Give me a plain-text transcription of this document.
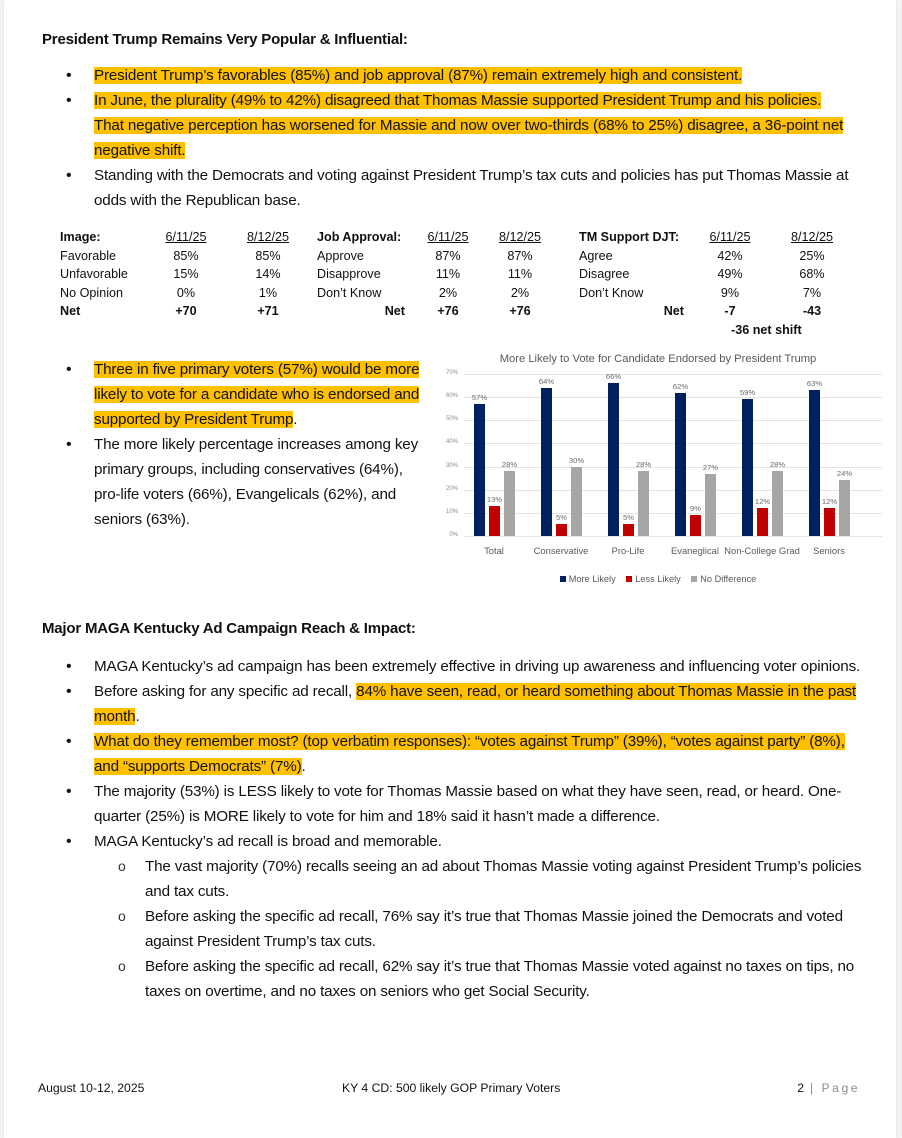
President Trump Remains Very Popular & Influential:
• President Trump’s favorables (85%) and job approval (87%) remain extremely high and consistent.
• In June, the plurality (49% to 42%) disagreed that Thomas Massie supported President Trump and his policies. That negative perception has worsened for Massie and now over two-thirds (68% to 25%) disagree, a 36-point net negative shift.
• Standing with the Democrats and voting against President Trump’s tax cuts and policies has put Thomas Massie at odds with the Republican base.
Image:	6/11/25	8/12/25
Favorable	85%	85%
Unfavorable	15%	14%
No Opinion	0%	1%
Net	+70	+71
Job Approval:	6/11/25	8/12/25
Approve	87%	87%
Disapprove	11%	11%
Don’t Know	2%	2%
Net	+76	+76
TM Support DJT:	6/11/25	8/12/25
Agree	42%	25%
Disagree	49%	68%
Don’t Know	9%	7%
Net	-7	-43
-36 net shift
• Three in five primary voters (57%) would be more likely to vote for a candidate who is endorsed and supported by President Trump.
• The more likely percentage increases among key primary groups, including conservatives (64%), pro-life voters (66%), Evangelicals (62%), and seniors (63%).
More Likely to Vote for Candidate Endorsed by President Trump
0%
10%
20%
30%
40%
50%
60%
70%
57%
13%
28%
Total
64%
5%
30%
Conservative
66%
5%
28%
Pro-Life
62%
9%
27%
Evaneglical
59%
12%
28%
Non-College Grad
63%
12%
24%
Seniors
More Likely Less Likely No Difference
Major MAGA Kentucky Ad Campaign Reach & Impact:
• MAGA Kentucky’s ad campaign has been extremely effective in driving up awareness and influencing voter opinions.
• Before asking for any specific ad recall, 84% have seen, read, or heard something about Thomas Massie in the past month.
• What do they remember most? (top verbatim responses): “votes against Trump” (39%), “votes against party” (8%), and “supports Democrats” (7%).
• The majority (53%) is LESS likely to vote for Thomas Massie based on what they have seen, read, or heard. One-quarter (25%) is MORE likely to vote for him and 18% said it hasn’t made a difference.
• MAGA Kentucky’s ad recall is broad and memorable.
o The vast majority (70%) recalls seeing an ad about Thomas Massie voting against President Trump’s policies and tax cuts.
o Before asking the specific ad recall, 76% say it’s true that Thomas Massie joined the Democrats and voted against President Trump’s tax cuts.
o Before asking the specific ad recall, 62% say it’s true that Thomas Massie voted against no taxes on tips, no taxes on overtime, and no taxes on seniors who get Social Security.
August 10-12, 2025	KY 4 CD: 500 likely GOP Primary Voters	2 | Page
